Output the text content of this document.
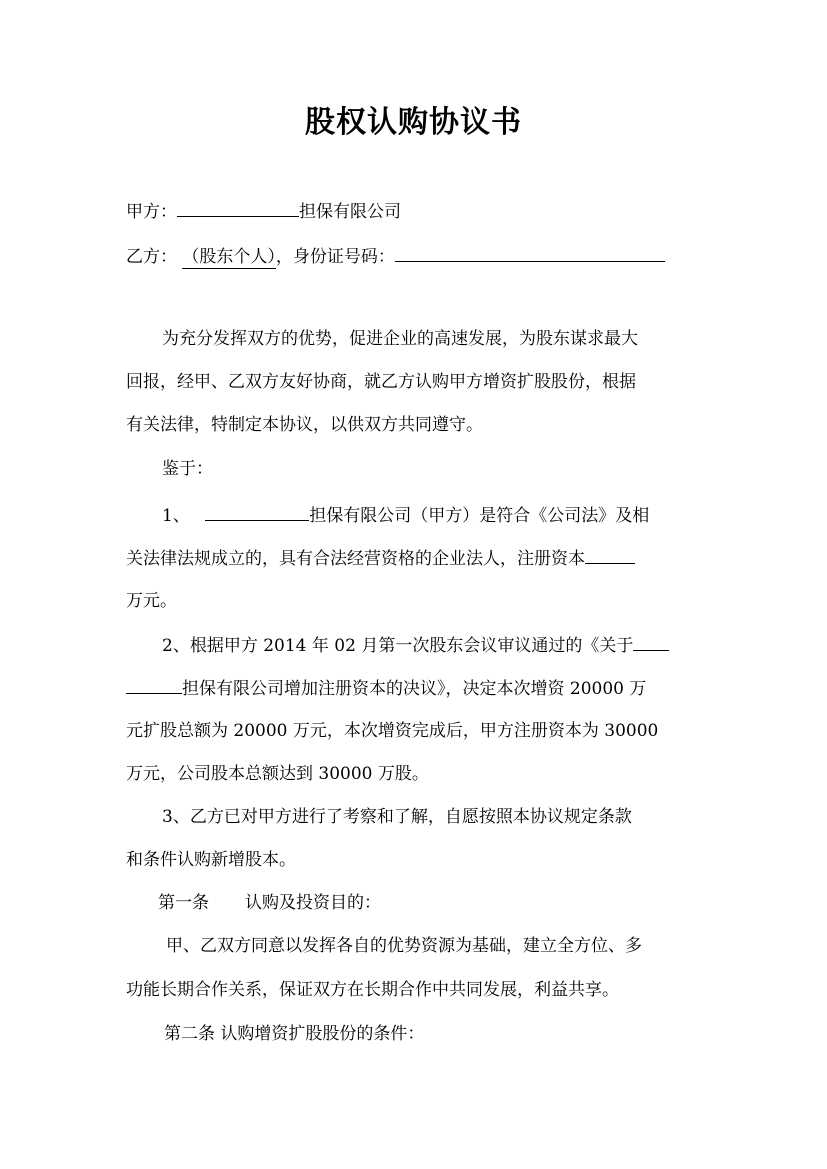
股权认购协议书
甲方：	担保有限公司
乙方： （股东个人），身份证号码：
为充分发挥双方的优势，促进企业的高速发展，为股东谋求最大
回报，经甲、乙双方友好协商，就乙方认购甲方增资扩股股份，根据
有关法律，特制定本协议，以供双方共同遵守。
鉴于：
1、	担保有限公司（甲方）是符合《公司法》及相
关法律法规成立的，具有合法经营资格的企业法人，注册资本
万元。
2、根据甲方 2014 年 02 月第一次股东会议审议通过的《关于
担保有限公司增加注册资本的决议》，决定本次增资 20000 万
元扩股总额为 20000 万元，本次增资完成后，甲方注册资本为 30000
万元，公司股本总额达到 30000 万股。
3、乙方已对甲方进行了考察和了解，自愿按照本协议规定条款
和条件认购新增股本。
第一条 认购及投资目的：
甲、乙双方同意以发挥各自的优势资源为基础，建立全方位、多
功能长期合作关系，保证双方在长期合作中共同发展，利益共享。
第二条 认购增资扩股股份的条件：
